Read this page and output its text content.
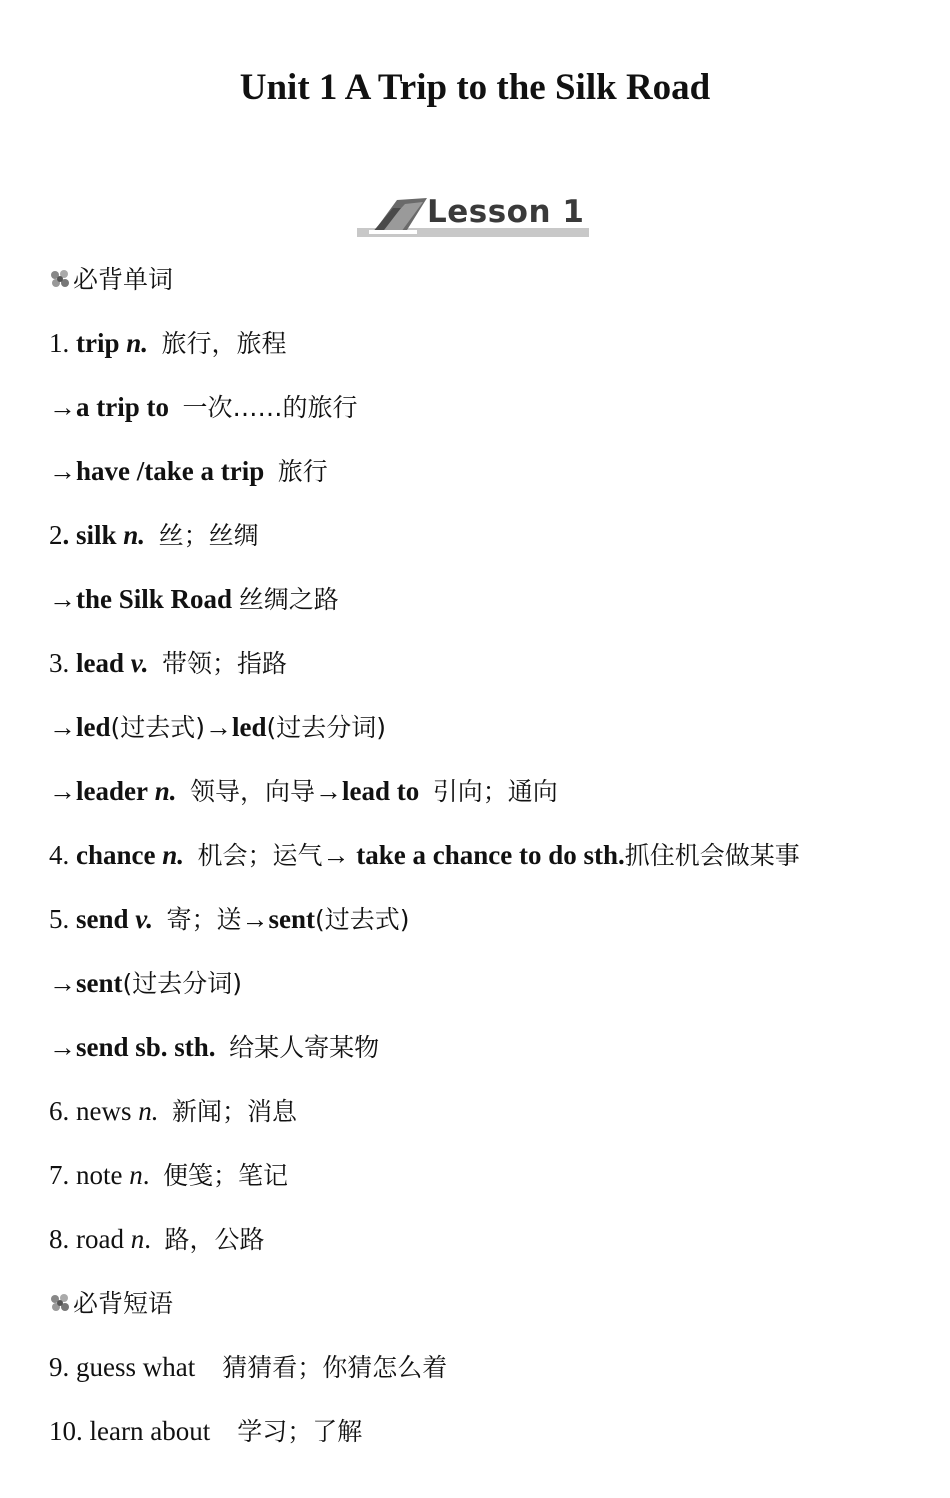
Unit 1 A Trip to the Silk Road
Lesson 1
必背单词
1. trip n. 旅行，旅程
→a trip to 一次……的旅行
→have /take a trip 旅行
2. silk n. 丝；丝绸
→the Silk Road 丝绸之路
3. lead v. 带领；指路
→led(过去式)→led(过去分词)
→leader n. 领导，向导→lead to 引向；通向
4. chance n. 机会；运气→ take a chance to do sth.抓住机会做某事
5. send v. 寄；送→sent(过去式)
→sent(过去分词)
→send sb. sth. 给某人寄某物
6. news n. 新闻；消息
7. note n. 便笺；笔记
8. road n. 路，公路
必背短语
9. guess what 猜猜看；你猜怎么着
10. learn about 学习；了解
